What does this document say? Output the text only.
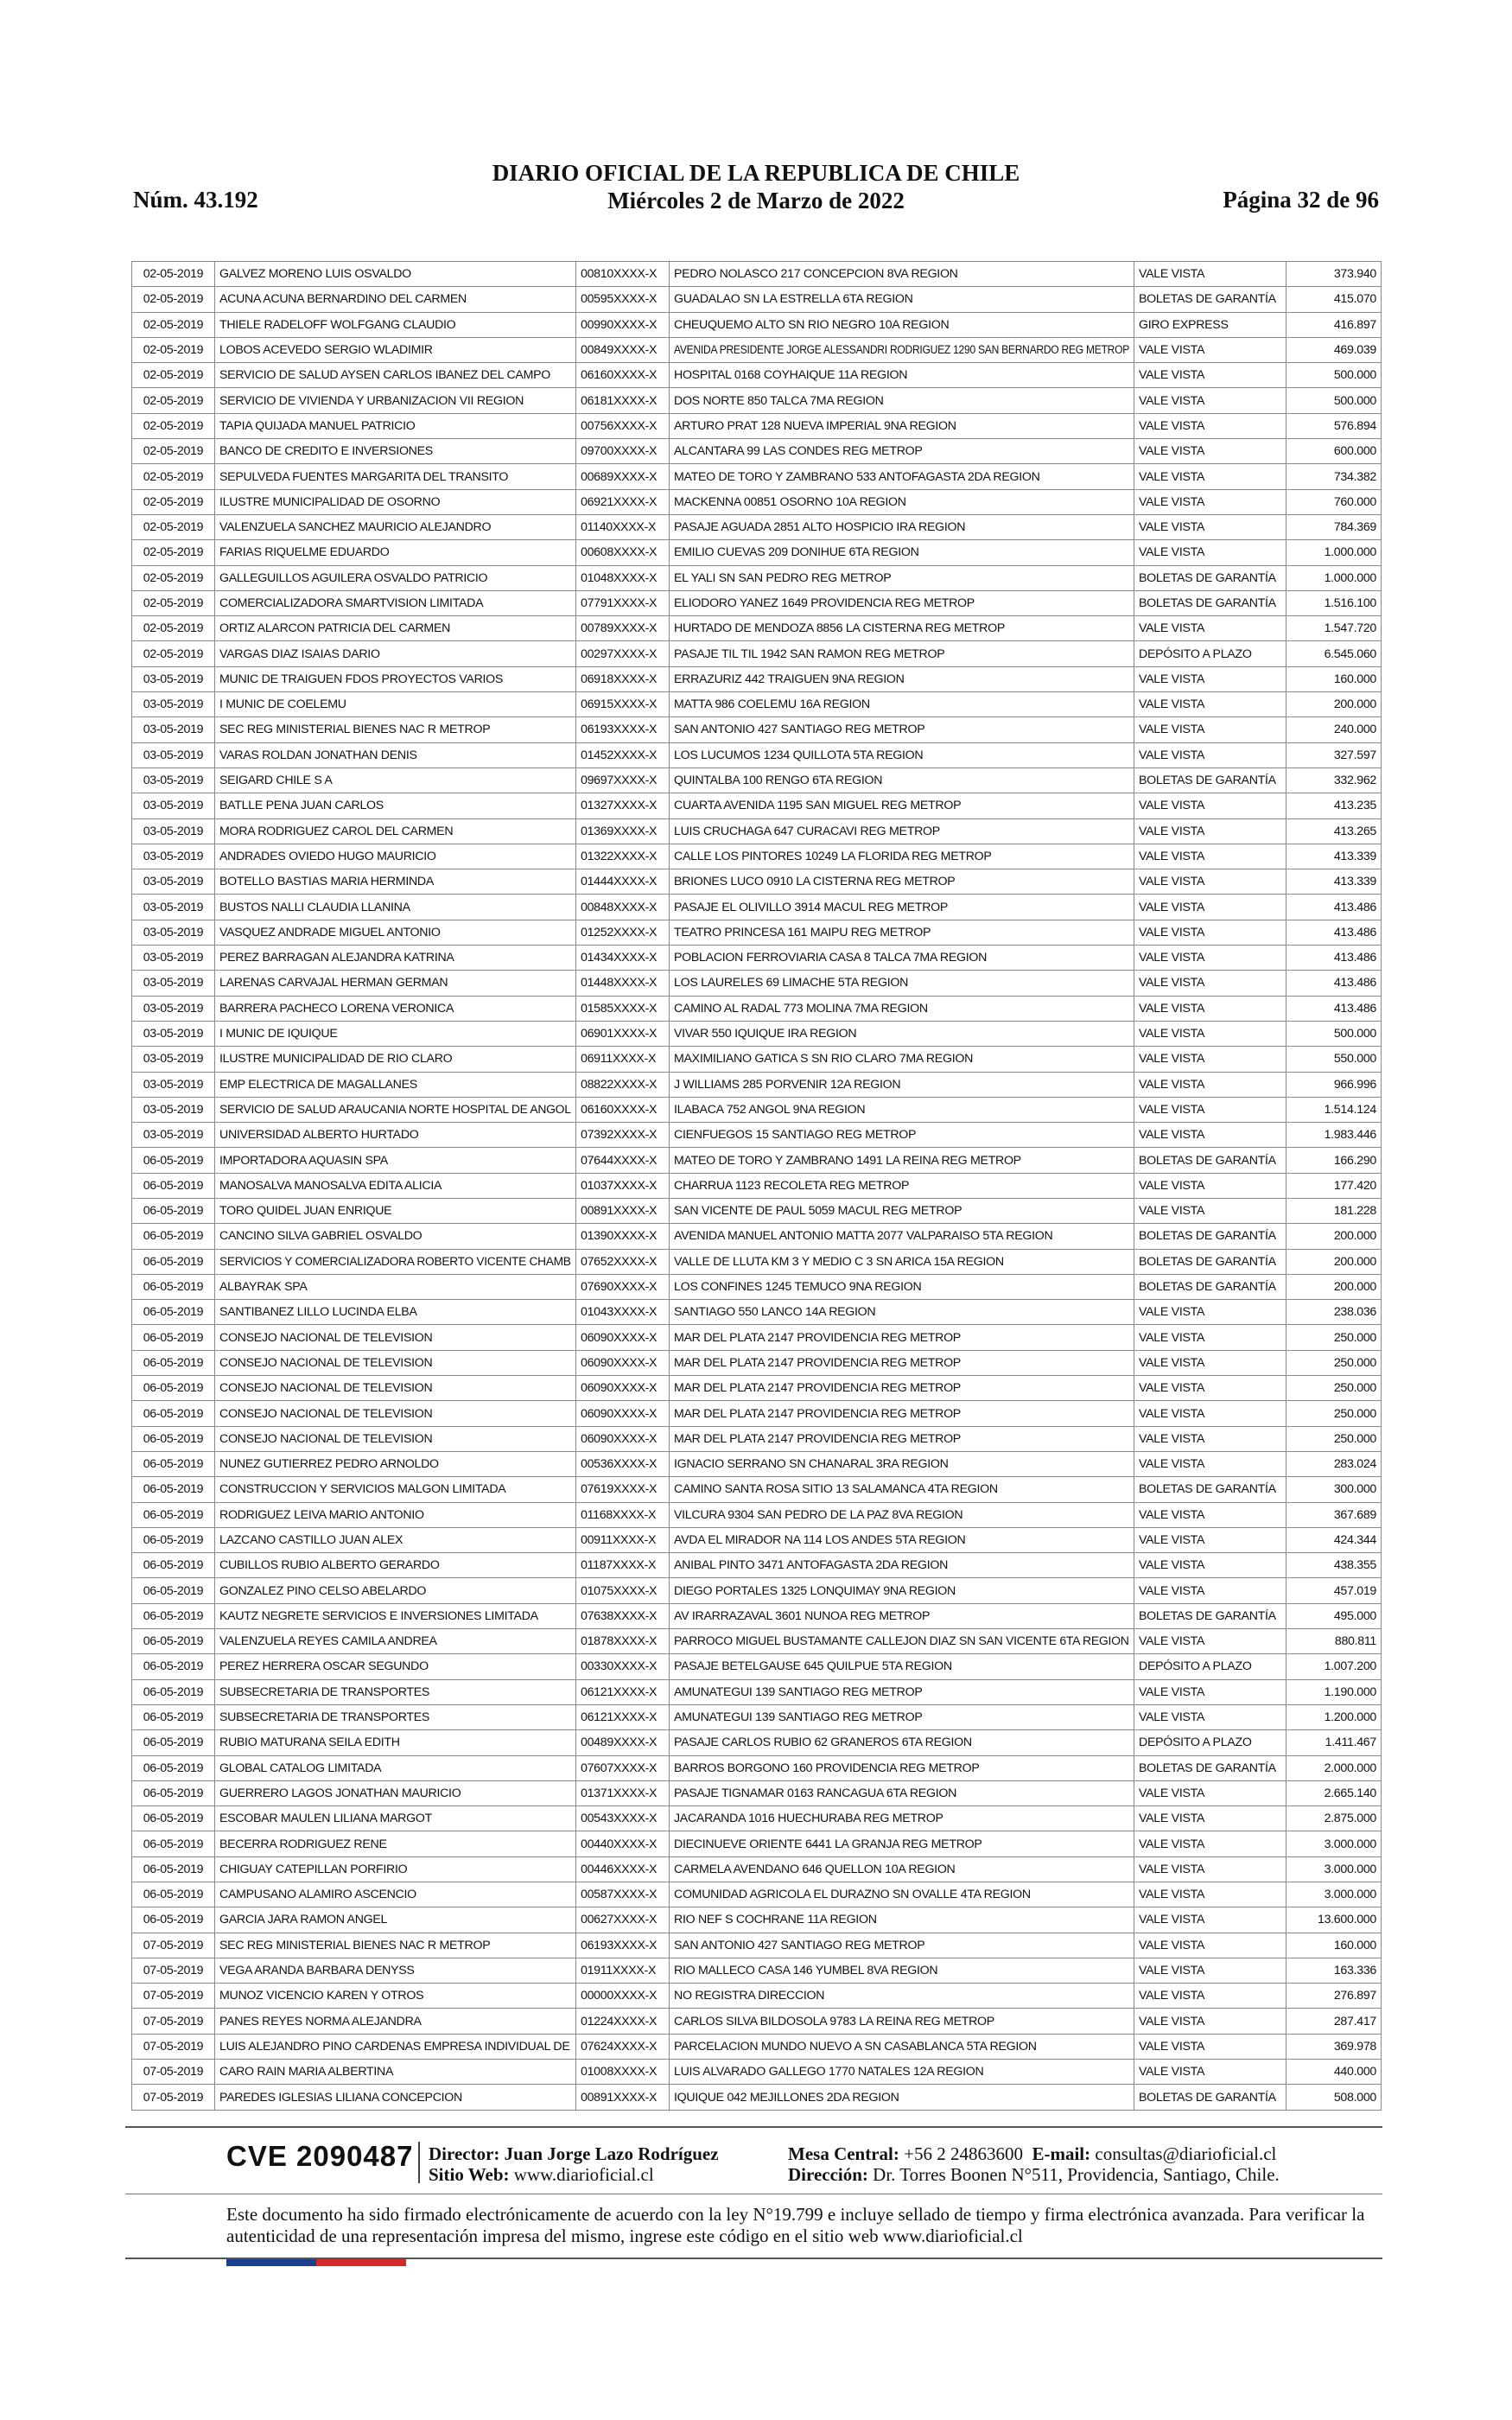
Núm. 43.192
DIARIO OFICIAL DE LA REPUBLICA DE CHILE
Miércoles 2 de Marzo de 2022	Página 32 de 96
02-05-2019	GALVEZ MORENO LUIS OSVALDO	00810XXXX-X	PEDRO NOLASCO 217 CONCEPCION 8VA REGION	VALE VISTA	373.940
02-05-2019	ACUNA ACUNA BERNARDINO DEL CARMEN	00595XXXX-X	GUADALAO SN LA ESTRELLA 6TA REGION	BOLETAS DE GARANTÍA	415.070
02-05-2019	THIELE RADELOFF WOLFGANG CLAUDIO	00990XXXX-X	CHEUQUEMO ALTO SN RIO NEGRO 10A REGION	GIRO EXPRESS	416.897
02-05-2019	LOBOS ACEVEDO SERGIO WLADIMIR	00849XXXX-X	AVENIDA PRESIDENTE JORGE ALESSANDRI RODRIGUEZ 1290 SAN BERNARDO REG METROP	VALE VISTA	469.039
02-05-2019	SERVICIO DE SALUD AYSEN CARLOS IBANEZ DEL CAMPO	06160XXXX-X	HOSPITAL 0168 COYHAIQUE 11A REGION	VALE VISTA	500.000
02-05-2019	SERVICIO DE VIVIENDA Y URBANIZACION VII REGION	06181XXXX-X	DOS NORTE 850 TALCA 7MA REGION	VALE VISTA	500.000
02-05-2019	TAPIA QUIJADA MANUEL PATRICIO	00756XXXX-X	ARTURO PRAT 128 NUEVA IMPERIAL 9NA REGION	VALE VISTA	576.894
02-05-2019	BANCO DE CREDITO E INVERSIONES	09700XXXX-X	ALCANTARA 99 LAS CONDES REG METROP	VALE VISTA	600.000
02-05-2019	SEPULVEDA FUENTES MARGARITA DEL TRANSITO	00689XXXX-X	MATEO DE TORO Y ZAMBRANO 533 ANTOFAGASTA 2DA REGION	VALE VISTA	734.382
02-05-2019	ILUSTRE MUNICIPALIDAD DE OSORNO	06921XXXX-X	MACKENNA 00851 OSORNO 10A REGION	VALE VISTA	760.000
02-05-2019	VALENZUELA SANCHEZ MAURICIO ALEJANDRO	01140XXXX-X	PASAJE AGUADA 2851 ALTO HOSPICIO IRA REGION	VALE VISTA	784.369
02-05-2019	FARIAS RIQUELME EDUARDO	00608XXXX-X	EMILIO CUEVAS 209 DONIHUE 6TA REGION	VALE VISTA	1.000.000
02-05-2019	GALLEGUILLOS AGUILERA OSVALDO PATRICIO	01048XXXX-X	EL YALI SN SAN PEDRO REG METROP	BOLETAS DE GARANTÍA	1.000.000
02-05-2019	COMERCIALIZADORA SMARTVISION LIMITADA	07791XXXX-X	ELIODORO YANEZ 1649 PROVIDENCIA REG METROP	BOLETAS DE GARANTÍA	1.516.100
02-05-2019	ORTIZ ALARCON PATRICIA DEL CARMEN	00789XXXX-X	HURTADO DE MENDOZA 8856 LA CISTERNA REG METROP	VALE VISTA	1.547.720
02-05-2019	VARGAS DIAZ ISAIAS DARIO	00297XXXX-X	PASAJE TIL TIL 1942 SAN RAMON REG METROP	DEPÓSITO A PLAZO	6.545.060
03-05-2019	MUNIC DE TRAIGUEN FDOS PROYECTOS VARIOS	06918XXXX-X	ERRAZURIZ 442 TRAIGUEN 9NA REGION	VALE VISTA	160.000
03-05-2019	I MUNIC DE COELEMU	06915XXXX-X	MATTA 986 COELEMU 16A REGION	VALE VISTA	200.000
03-05-2019	SEC REG MINISTERIAL BIENES NAC R METROP	06193XXXX-X	SAN ANTONIO 427 SANTIAGO REG METROP	VALE VISTA	240.000
03-05-2019	VARAS ROLDAN JONATHAN DENIS	01452XXXX-X	LOS LUCUMOS 1234 QUILLOTA 5TA REGION	VALE VISTA	327.597
03-05-2019	SEIGARD CHILE S A	09697XXXX-X	QUINTALBA 100 RENGO 6TA REGION	BOLETAS DE GARANTÍA	332.962
03-05-2019	BATLLE PENA JUAN CARLOS	01327XXXX-X	CUARTA AVENIDA 1195 SAN MIGUEL REG METROP	VALE VISTA	413.235
03-05-2019	MORA RODRIGUEZ CAROL DEL CARMEN	01369XXXX-X	LUIS CRUCHAGA 647 CURACAVI REG METROP	VALE VISTA	413.265
03-05-2019	ANDRADES OVIEDO HUGO MAURICIO	01322XXXX-X	CALLE LOS PINTORES 10249 LA FLORIDA REG METROP	VALE VISTA	413.339
03-05-2019	BOTELLO BASTIAS MARIA HERMINDA	01444XXXX-X	BRIONES LUCO 0910 LA CISTERNA REG METROP	VALE VISTA	413.339
03-05-2019	BUSTOS NALLI CLAUDIA LLANINA	00848XXXX-X	PASAJE EL OLIVILLO 3914 MACUL REG METROP	VALE VISTA	413.486
03-05-2019	VASQUEZ ANDRADE MIGUEL ANTONIO	01252XXXX-X	TEATRO PRINCESA 161 MAIPU REG METROP	VALE VISTA	413.486
03-05-2019	PEREZ BARRAGAN ALEJANDRA KATRINA	01434XXXX-X	POBLACION FERROVIARIA CASA 8 TALCA 7MA REGION	VALE VISTA	413.486
03-05-2019	LARENAS CARVAJAL HERMAN GERMAN	01448XXXX-X	LOS LAURELES 69 LIMACHE 5TA REGION	VALE VISTA	413.486
03-05-2019	BARRERA PACHECO LORENA VERONICA	01585XXXX-X	CAMINO AL RADAL 773 MOLINA 7MA REGION	VALE VISTA	413.486
03-05-2019	I MUNIC DE IQUIQUE	06901XXXX-X	VIVAR 550 IQUIQUE IRA REGION	VALE VISTA	500.000
03-05-2019	ILUSTRE MUNICIPALIDAD DE RIO CLARO	06911XXXX-X	MAXIMILIANO GATICA S SN RIO CLARO 7MA REGION	VALE VISTA	550.000
03-05-2019	EMP ELECTRICA DE MAGALLANES	08822XXXX-X	J WILLIAMS 285 PORVENIR 12A REGION	VALE VISTA	966.996
03-05-2019	SERVICIO DE SALUD ARAUCANIA NORTE HOSPITAL DE ANGOL	06160XXXX-X	ILABACA 752 ANGOL 9NA REGION	VALE VISTA	1.514.124
03-05-2019	UNIVERSIDAD ALBERTO HURTADO	07392XXXX-X	CIENFUEGOS 15 SANTIAGO REG METROP	VALE VISTA	1.983.446
06-05-2019	IMPORTADORA AQUASIN SPA	07644XXXX-X	MATEO DE TORO Y ZAMBRANO 1491 LA REINA REG METROP	BOLETAS DE GARANTÍA	166.290
06-05-2019	MANOSALVA MANOSALVA EDITA ALICIA	01037XXXX-X	CHARRUA 1123 RECOLETA REG METROP	VALE VISTA	177.420
06-05-2019	TORO QUIDEL JUAN ENRIQUE	00891XXXX-X	SAN VICENTE DE PAUL 5059 MACUL REG METROP	VALE VISTA	181.228
06-05-2019	CANCINO SILVA GABRIEL OSVALDO	01390XXXX-X	AVENIDA MANUEL ANTONIO MATTA 2077 VALPARAISO 5TA REGION	BOLETAS DE GARANTÍA	200.000
06-05-2019	SERVICIOS Y COMERCIALIZADORA ROBERTO VICENTE CHAMB	07652XXXX-X	VALLE DE LLUTA KM 3 Y MEDIO C 3 SN ARICA 15A REGION	BOLETAS DE GARANTÍA	200.000
06-05-2019	ALBAYRAK SPA	07690XXXX-X	LOS CONFINES 1245 TEMUCO 9NA REGION	BOLETAS DE GARANTÍA	200.000
06-05-2019	SANTIBANEZ LILLO LUCINDA ELBA	01043XXXX-X	SANTIAGO 550 LANCO 14A REGION	VALE VISTA	238.036
06-05-2019	CONSEJO NACIONAL DE TELEVISION	06090XXXX-X	MAR DEL PLATA 2147 PROVIDENCIA REG METROP	VALE VISTA	250.000
06-05-2019	CONSEJO NACIONAL DE TELEVISION	06090XXXX-X	MAR DEL PLATA 2147 PROVIDENCIA REG METROP	VALE VISTA	250.000
06-05-2019	CONSEJO NACIONAL DE TELEVISION	06090XXXX-X	MAR DEL PLATA 2147 PROVIDENCIA REG METROP	VALE VISTA	250.000
06-05-2019	CONSEJO NACIONAL DE TELEVISION	06090XXXX-X	MAR DEL PLATA 2147 PROVIDENCIA REG METROP	VALE VISTA	250.000
06-05-2019	CONSEJO NACIONAL DE TELEVISION	06090XXXX-X	MAR DEL PLATA 2147 PROVIDENCIA REG METROP	VALE VISTA	250.000
06-05-2019	NUNEZ GUTIERREZ PEDRO ARNOLDO	00536XXXX-X	IGNACIO SERRANO SN CHANARAL 3RA REGION	VALE VISTA	283.024
06-05-2019	CONSTRUCCION Y SERVICIOS MALGON LIMITADA	07619XXXX-X	CAMINO SANTA ROSA SITIO 13 SALAMANCA 4TA REGION	BOLETAS DE GARANTÍA	300.000
06-05-2019	RODRIGUEZ LEIVA MARIO ANTONIO	01168XXXX-X	VILCURA 9304 SAN PEDRO DE LA PAZ 8VA REGION	VALE VISTA	367.689
06-05-2019	LAZCANO CASTILLO JUAN ALEX	00911XXXX-X	AVDA EL MIRADOR NA 114 LOS ANDES 5TA REGION	VALE VISTA	424.344
06-05-2019	CUBILLOS RUBIO ALBERTO GERARDO	01187XXXX-X	ANIBAL PINTO 3471 ANTOFAGASTA 2DA REGION	VALE VISTA	438.355
06-05-2019	GONZALEZ PINO CELSO ABELARDO	01075XXXX-X	DIEGO PORTALES 1325 LONQUIMAY 9NA REGION	VALE VISTA	457.019
06-05-2019	KAUTZ NEGRETE SERVICIOS E INVERSIONES LIMITADA	07638XXXX-X	AV IRARRAZAVAL 3601 NUNOA REG METROP	BOLETAS DE GARANTÍA	495.000
06-05-2019	VALENZUELA REYES CAMILA ANDREA	01878XXXX-X	PARROCO MIGUEL BUSTAMANTE CALLEJON DIAZ SN SAN VICENTE 6TA REGION	VALE VISTA	880.811
06-05-2019	PEREZ HERRERA OSCAR SEGUNDO	00330XXXX-X	PASAJE BETELGAUSE 645 QUILPUE 5TA REGION	DEPÓSITO A PLAZO	1.007.200
06-05-2019	SUBSECRETARIA DE TRANSPORTES	06121XXXX-X	AMUNATEGUI 139 SANTIAGO REG METROP	VALE VISTA	1.190.000
06-05-2019	SUBSECRETARIA DE TRANSPORTES	06121XXXX-X	AMUNATEGUI 139 SANTIAGO REG METROP	VALE VISTA	1.200.000
06-05-2019	RUBIO MATURANA SEILA EDITH	00489XXXX-X	PASAJE CARLOS RUBIO 62 GRANEROS 6TA REGION	DEPÓSITO A PLAZO	1.411.467
06-05-2019	GLOBAL CATALOG LIMITADA	07607XXXX-X	BARROS BORGONO 160 PROVIDENCIA REG METROP	BOLETAS DE GARANTÍA	2.000.000
06-05-2019	GUERRERO LAGOS JONATHAN MAURICIO	01371XXXX-X	PASAJE TIGNAMAR 0163 RANCAGUA 6TA REGION	VALE VISTA	2.665.140
06-05-2019	ESCOBAR MAULEN LILIANA MARGOT	00543XXXX-X	JACARANDA 1016 HUECHURABA REG METROP	VALE VISTA	2.875.000
06-05-2019	BECERRA RODRIGUEZ RENE	00440XXXX-X	DIECINUEVE ORIENTE 6441 LA GRANJA REG METROP	VALE VISTA	3.000.000
06-05-2019	CHIGUAY CATEPILLAN PORFIRIO	00446XXXX-X	CARMELA AVENDANO 646 QUELLON 10A REGION	VALE VISTA	3.000.000
06-05-2019	CAMPUSANO ALAMIRO ASCENCIO	00587XXXX-X	COMUNIDAD AGRICOLA EL DURAZNO SN OVALLE 4TA REGION	VALE VISTA	3.000.000
06-05-2019	GARCIA JARA RAMON ANGEL	00627XXXX-X	RIO NEF S COCHRANE 11A REGION	VALE VISTA	13.600.000
07-05-2019	SEC REG MINISTERIAL BIENES NAC R METROP	06193XXXX-X	SAN ANTONIO 427 SANTIAGO REG METROP	VALE VISTA	160.000
07-05-2019	VEGA ARANDA BARBARA DENYSS	01911XXXX-X	RIO MALLECO CASA 146 YUMBEL 8VA REGION	VALE VISTA	163.336
07-05-2019	MUNOZ VICENCIO KAREN Y OTROS	00000XXXX-X	NO REGISTRA DIRECCION	VALE VISTA	276.897
07-05-2019	PANES REYES NORMA ALEJANDRA	01224XXXX-X	CARLOS SILVA BILDOSOLA 9783 LA REINA REG METROP	VALE VISTA	287.417
07-05-2019	LUIS ALEJANDRO PINO CARDENAS EMPRESA INDIVIDUAL DE	07624XXXX-X	PARCELACION MUNDO NUEVO A SN CASABLANCA 5TA REGION	VALE VISTA	369.978
07-05-2019	CARO RAIN MARIA ALBERTINA	01008XXXX-X	LUIS ALVARADO GALLEGO 1770 NATALES 12A REGION	VALE VISTA	440.000
07-05-2019	PAREDES IGLESIAS LILIANA CONCEPCION	00891XXXX-X	IQUIQUE 042 MEJILLONES 2DA REGION	BOLETAS DE GARANTÍA	508.000
CVE 2090487 Director: Juan Jorge Lazo Rodríguez
Sitio Web: www.diarioficial.cl
Mesa Central: +56 2 24863600 E-mail: consultas@diarioficial.cl
Dirección: Dr. Torres Boonen N°511, Providencia, Santiago, Chile.
Este documento ha sido firmado electrónicamente de acuerdo con la ley N°19.799 e incluye sellado de tiempo y firma electrónica avanzada. Para verificar la autenticidad de una representación impresa del mismo, ingrese este código en el sitio web www.diarioficial.cl
